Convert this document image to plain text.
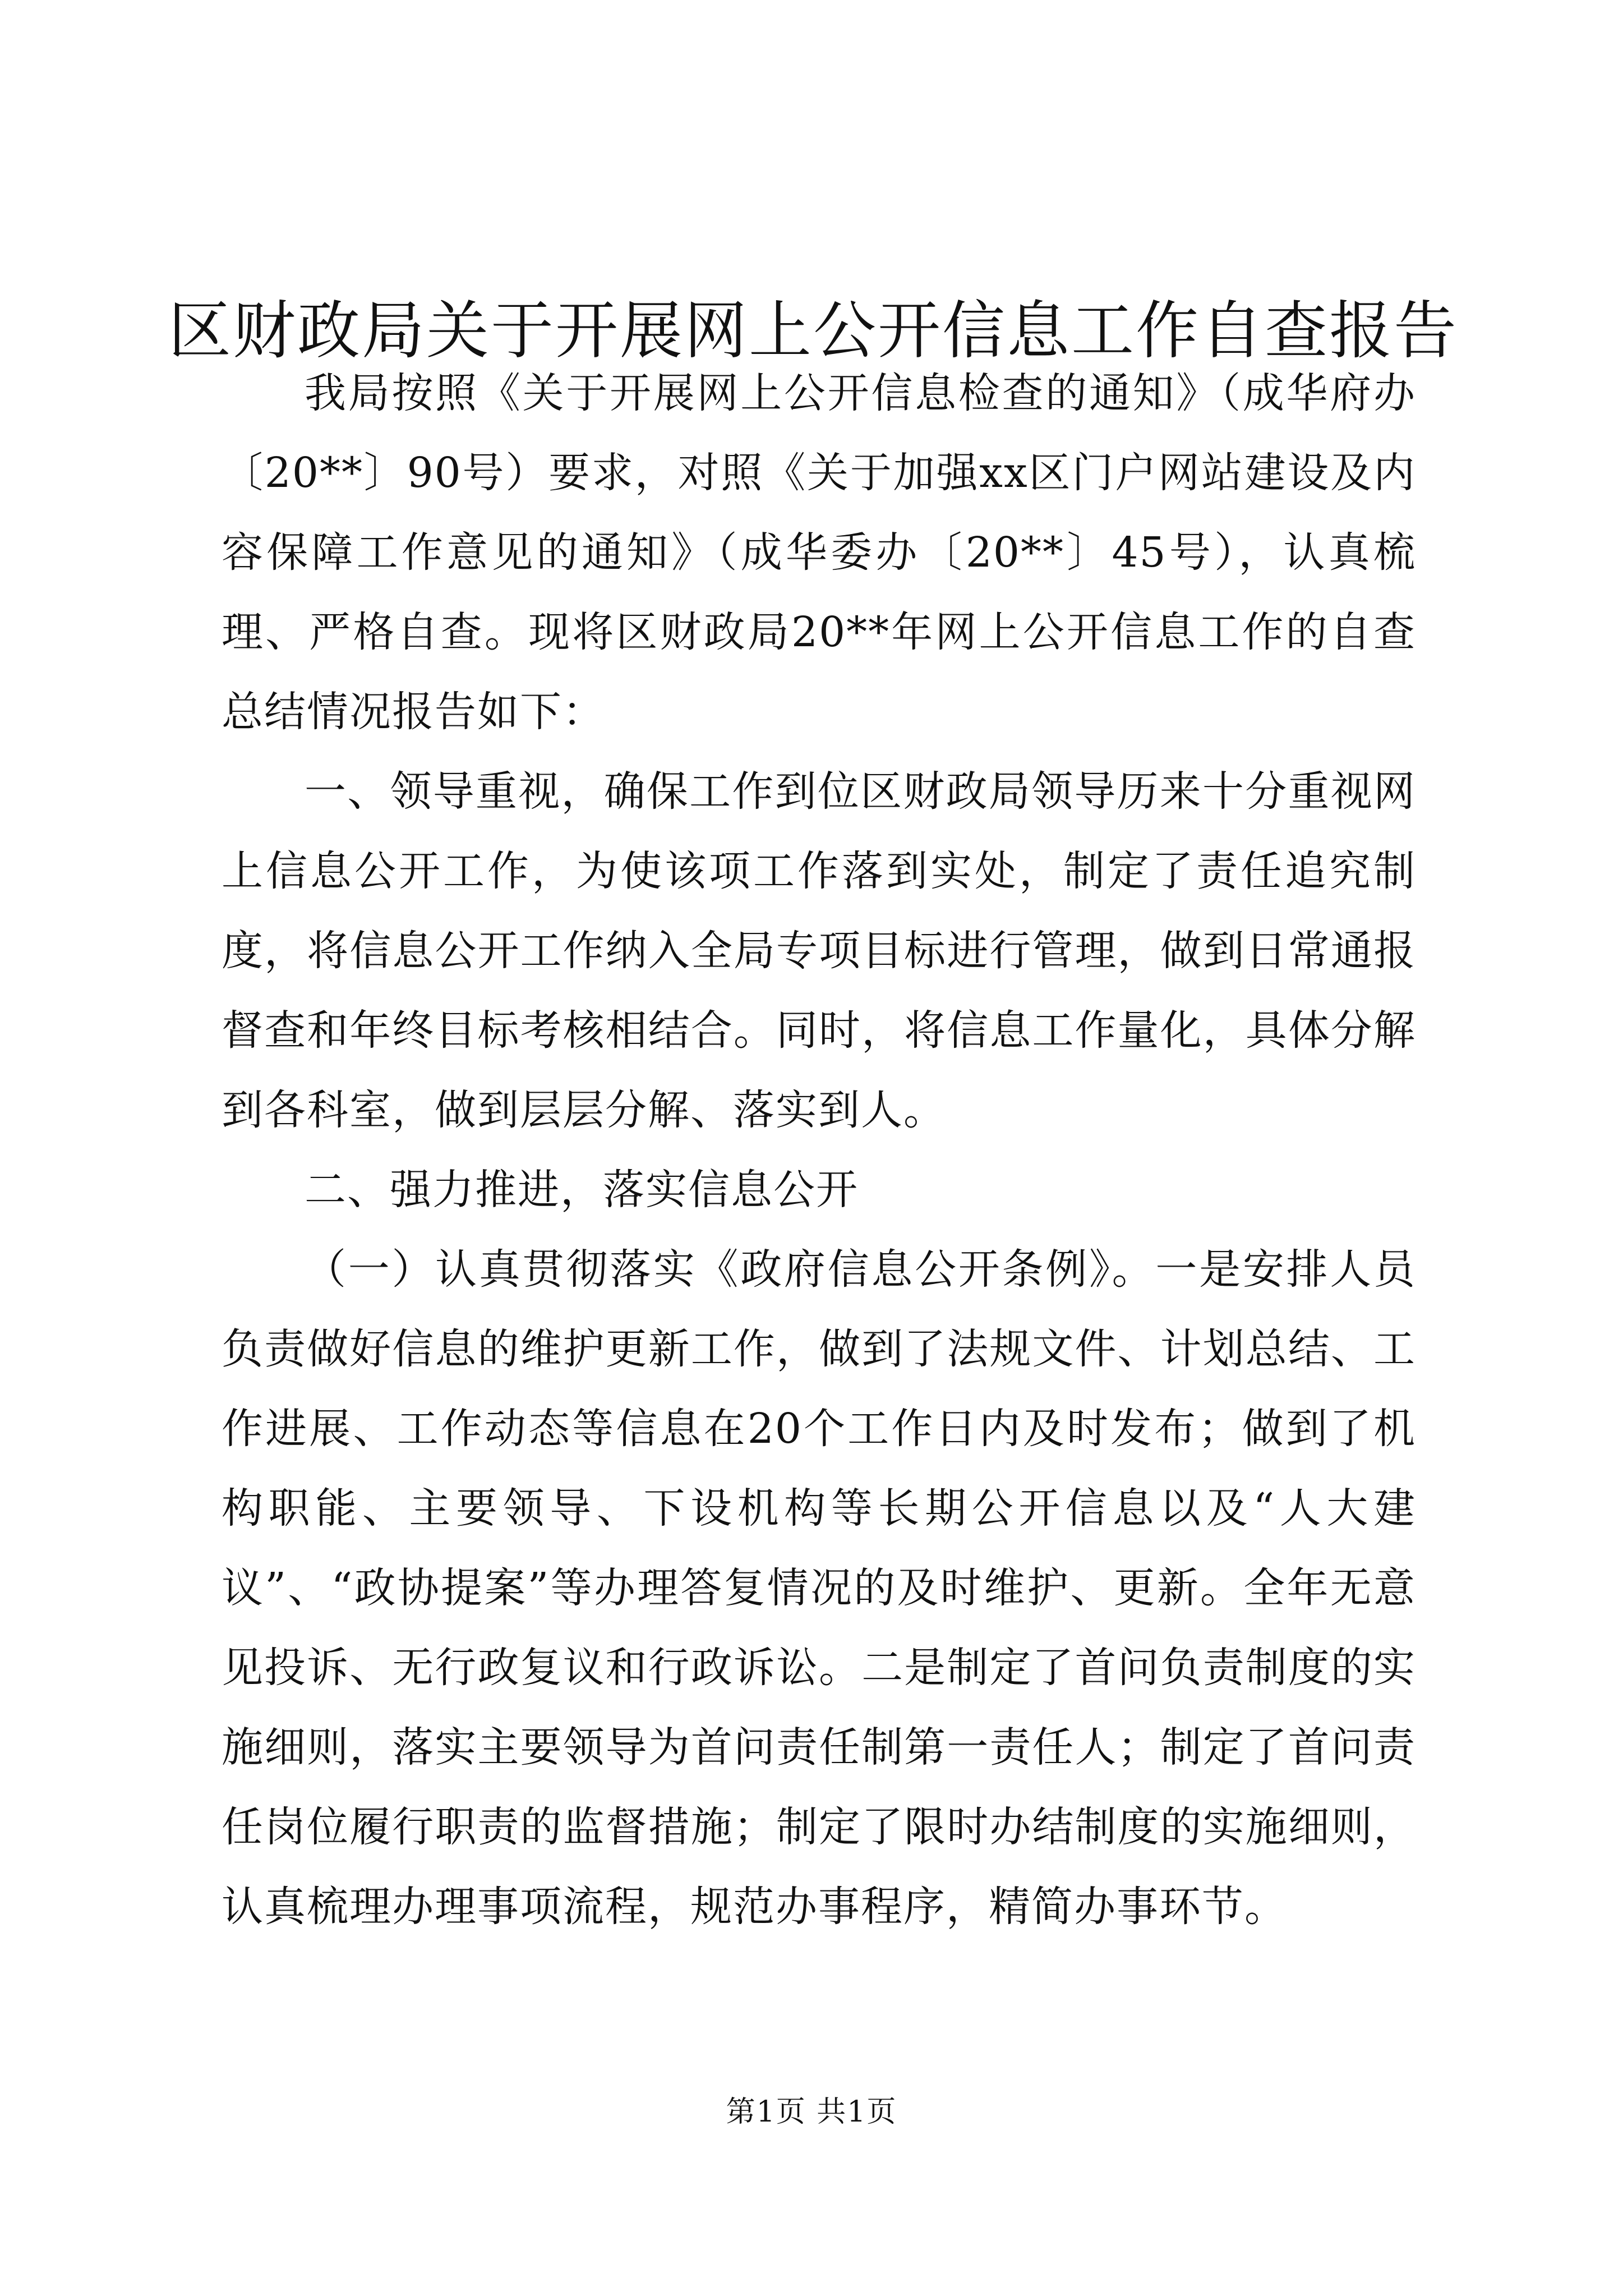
区财政局关于开展网上公开信息工作自查报告

我局按照《关于开展网上公开信息检查的通知》（成华府办〔20**〕90号）要求，对照《关于加强xx区门户网站建设及内容保障工作意见的通知》（成华委办〔20**〕45号），认真梳理、严格自查。现将区财政局20**年网上公开信息工作的自查总结情况报告如下：

一、领导重视，确保工作到位区财政局领导历来十分重视网上信息公开工作，为使该项工作落到实处，制定了责任追究制度，将信息公开工作纳入全局专项目标进行管理，做到日常通报督查和年终目标考核相结合。同时，将信息工作量化，具体分解到各科室，做到层层分解、落实到人。

二、强力推进，落实信息公开

（一）认真贯彻落实《政府信息公开条例》。一是安排人员负责做好信息的维护更新工作，做到了法规文件、计划总结、工作进展、工作动态等信息在20个工作日内及时发布；做到了机构职能、主要领导、下设机构等长期公开信息以及“人大建议”、“政协提案”等办理答复情况的及时维护、更新。全年无意见投诉、无行政复议和行政诉讼。二是制定了首问负责制度的实施细则，落实主要领导为首问责任制第一责任人；制定了首问责任岗位履行职责的监督措施；制定了限时办结制度的实施细则，认真梳理办理事项流程，规范办事程序，精简办事环节。

第1页 共1页
